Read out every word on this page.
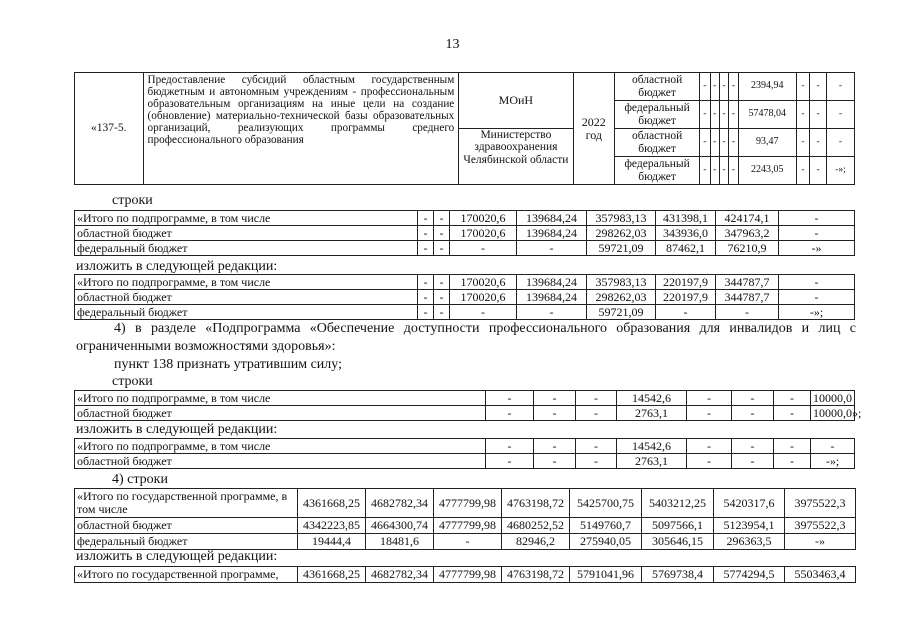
13
«137-5.	Предоставление субсидий областным государственным бюджетным и автономным учреждениям - профессиональным образовательным организациям на иные цели на создание (обновление) материально-технической базы образовательных организаций, реализующих программы среднего профессионального образования	МОиН	2022 год	областной бюджет	-	-	-	-	2394,94	-	-	-
				федеральный бюджет	-	-	-	-	57478,04	-	-	-
		Министерство здравоохранения Челябинской области		областной бюджет	-	-	-	-	93,47	-	-	-
				федеральный бюджет	-	-	-	-	2243,05	-	-	-»;
строки
«Итого по подпрограмме, в том числе	-	-	170020,6	139684,24	357983,13	431398,1	424174,1	-
областной бюджет	-	-	170020,6	139684,24	298262,03	343936,0	347963,2	-
федеральный бюджет	-	-	-	-	59721,09	87462,1	76210,9	-»
изложить в следующей редакции:
«Итого по подпрограмме, в том числе	-	-	170020,6	139684,24	357983,13	220197,9	344787,7	-
областной бюджет	-	-	170020,6	139684,24	298262,03	220197,9	344787,7	-
федеральный бюджет	-	-	-	-	59721,09	-	-	-»;
4) в разделе «Подпрограмма «Обеспечение доступности профессионального образования для инвалидов и лиц с ограниченными возможностями здоровья»:
пункт 138 признать утратившим силу;
строки
«Итого по подпрограмме, в том числе	-	-	-	14542,6	-	-	-	10000,0
областной бюджет	-	-	-	2763,1	-	-	-	10000,0»;
изложить в следующей редакции:
«Итого по подпрограмме, в том числе	-	-	-	14542,6	-	-	-	-
областной бюджет	-	-	-	2763,1	-	-	-	-»;
4) строки
«Итого по государственной программе, в том числе	4361668,25	4682782,34	4777799,98	4763198,72	5425700,75	5403212,25	5420317,6	3975522,3
областной бюджет	4342223,85	4664300,74	4777799,98	4680252,52	5149760,7	5097566,1	5123954,1	3975522,3
федеральный бюджет	19444,4	18481,6	-	82946,2	275940,05	305646,15	296363,5	-»
изложить в следующей редакции:
«Итого по государственной программе,	4361668,25	4682782,34	4777799,98	4763198,72	5791041,96	5769738,4	5774294,5	5503463,4
